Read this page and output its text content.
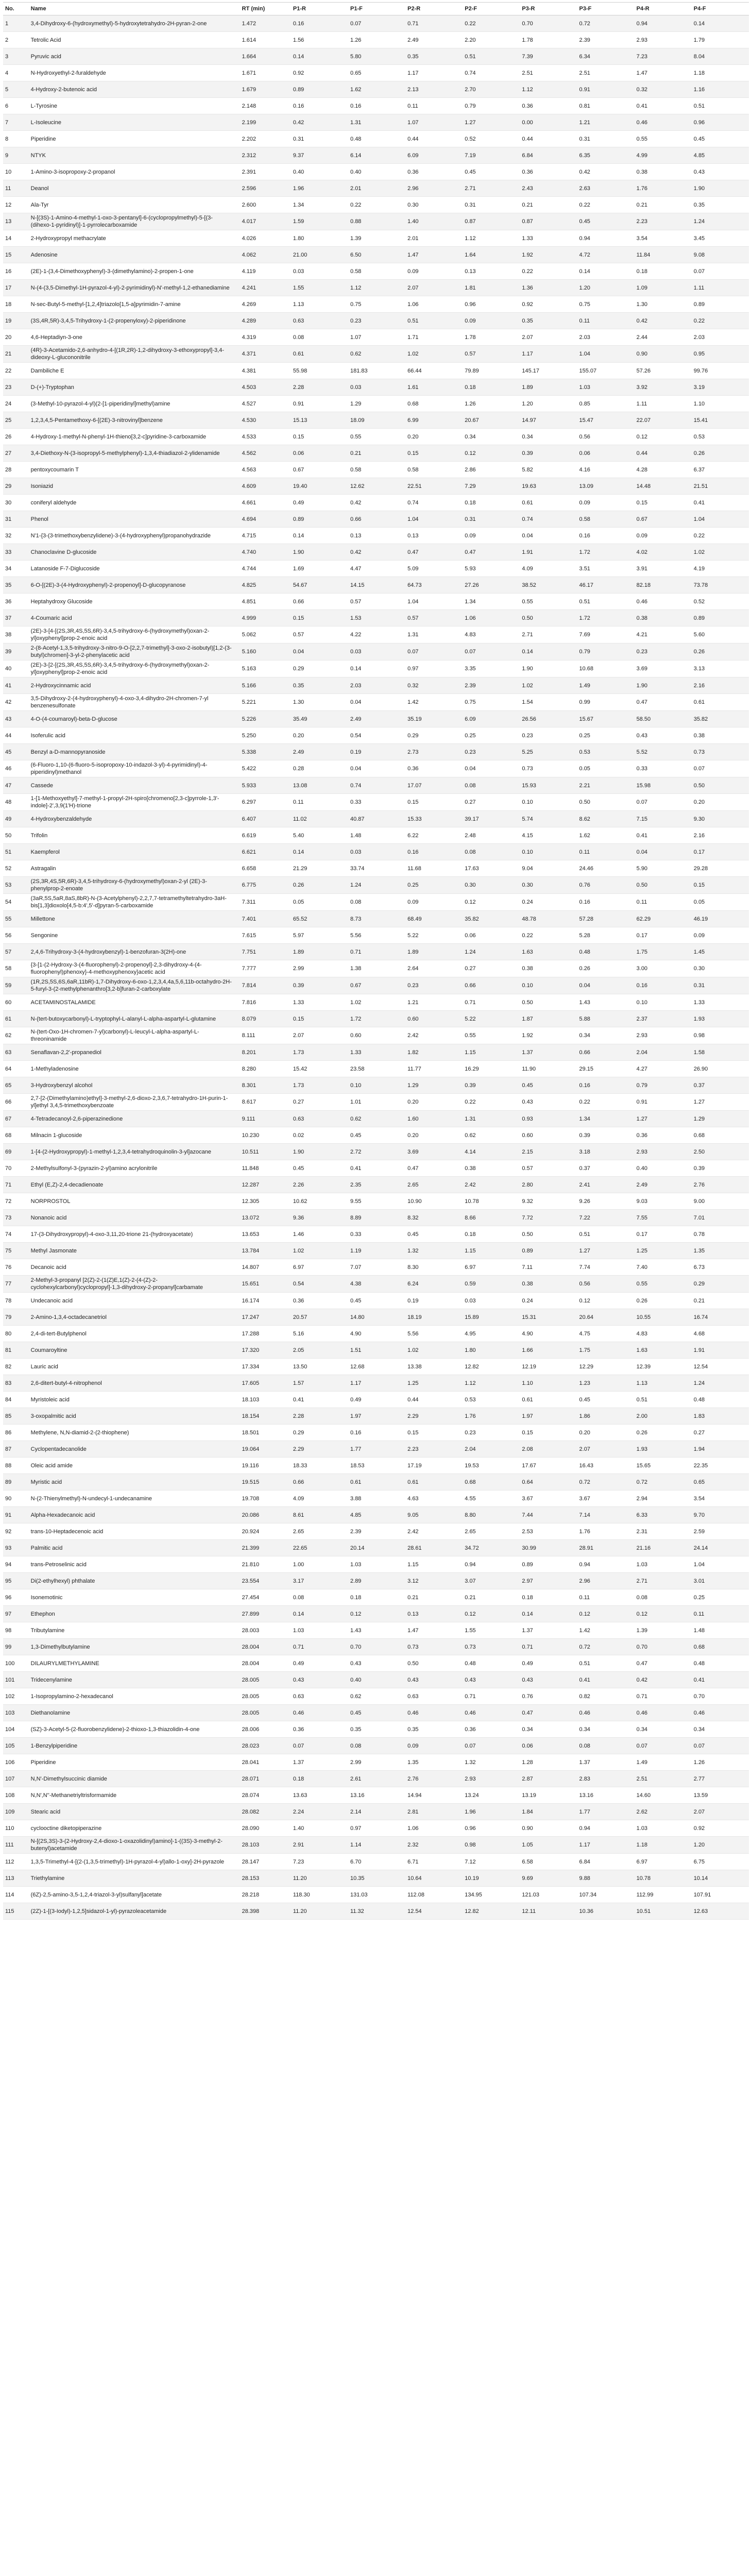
No.	Name	RT (min)	P1-R	P1-F	P2-R	P2-F	P3-R	P3-F	P4-R	P4-F
1	3,4-Dihydroxy-6-(hydroxymethyl)-5-hydroxytetrahydro-2H-pyran-2-one	1.472	0.16	0.07	0.71	0.22	0.70	0.72	0.94	0.14
2	Tetrolic Acid	1.614	1.56	1.26	2.49	2.20	1.78	2.39	2.93	1.79
3	Pyruvic acid	1.664	0.14	5.80	0.35	0.51	7.39	6.34	7.23	8.04
4	N-Hydroxyethyl-2-furaldehyde	1.671	0.92	0.65	1.17	0.74	2.51	2.51	1.47	1.18
5	4-Hydroxy-2-butenoic acid	1.679	0.89	1.62	2.13	2.70	1.12	0.91	0.32	1.16
6	L-Tyrosine	2.148	0.16	0.16	0.11	0.79	0.36	0.81	0.41	0.51
7	L-Isoleucine	2.199	0.42	1.31	1.07	1.27	0.00	1.21	0.46	0.96
8	Piperidine	2.202	0.31	0.48	0.44	0.52	0.44	0.31	0.55	0.45
9	NTYK	2.312	9.37	6.14	6.09	7.19	6.84	6.35	4.99	4.85
10	1-Amino-3-isopropoxy-2-propanol	2.391	0.40	0.40	0.36	0.45	0.36	0.42	0.38	0.43
11	Deanol	2.596	1.96	2.01	2.96	2.71	2.43	2.63	1.76	1.90
12	Ala-Tyr	2.600	1.34	0.22	0.30	0.31	0.21	0.22	0.21	0.35
13	N-[(3S)-1-Amino-4-methyl-1-oxo-3-pentanyl]-6-(cyclopropylmethyl)-5-[(3-(dihexo-1-pyridinyl)]-1-pyrrolecarboxamide	4.017	1.59	0.88	1.40	0.87	0.87	0.45	2.23	1.24
14	2-Hydroxypropyl methacrylate	4.026	1.80	1.39	2.01	1.12	1.33	0.94	3.54	3.45
15	Adenosine	4.062	21.00	6.50	1.47	1.64	1.92	4.72	11.84	9.08
16	(2E)-1-(3,4-Dimethoxyphenyl)-3-(dimethylamino)-2-propen-1-one	4.119	0.03	0.58	0.09	0.13	0.22	0.14	0.18	0.07
17	N-(4-(3,5-Dimethyl-1H-pyrazol-4-yl)-2-pyrimidinyl)-N'-methyl-1,2-ethanediamine	4.241	1.55	1.12	2.07	1.81	1.36	1.20	1.09	1.11
18	N-sec-Butyl-5-methyl-[1,2,4]triazolo[1,5-a]pyrimidin-7-amine	4.269	1.13	0.75	1.06	0.96	0.92	0.75	1.30	0.89
19	(3S,4R,5R)-3,4,5-Trihydroxy-1-(2-propenyloxy)-2-piperidinone	4.289	0.63	0.23	0.51	0.09	0.35	0.11	0.42	0.22
20	4,6-Heptadiyn-3-one	4.319	0.08	1.07	1.71	1.78	2.07	2.03	2.44	2.03
21	(4R)-3-Acetamido-2,6-anhydro-4-[(1R,2R)-1,2-dihydroxy-3-ethoxypropyl]-3,4-dideoxy-L-glucononitrile	4.371	0.61	0.62	1.02	0.57	1.17	1.04	0.90	0.95
22	Dambiliche E	4.381	55.98	181.83	66.44	79.89	145.17	155.07	57.26	99.76
23	D-(+)-Tryptophan	4.503	2.28	0.03	1.61	0.18	1.89	1.03	3.92	3.19
24	(3-Methyl-10-pyrazol-4-yl)(2-[1-piperidinyl]methyl)amine	4.527	0.91	1.29	0.68	1.26	1.20	0.85	1.11	1.10
25	1,2,3,4,5-Pentamethoxy-6-[(2E)-3-nitrovinyl]benzene	4.530	15.13	18.09	6.99	20.67	14.97	15.47	22.07	15.41
26	4-Hydroxy-1-methyl-N-phenyl-1H-thieno[3,2-c]pyridine-3-carboxamide	4.533	0.15	0.55	0.20	0.34	0.34	0.56	0.12	0.53
27	3,4-Diethoxy-N-(3-isopropyl-5-methylphenyl)-1,3,4-thiadiazol-2-ylidenamide	4.562	0.06	0.21	0.15	0.12	0.39	0.06	0.44	0.26
28	pentoxycoumarin T	4.563	0.67	0.58	0.58	2.86	5.82	4.16	4.28	6.37
29	Isoniazid	4.609	19.40	12.62	22.51	7.29	19.63	13.09	14.48	21.51
30	coniferyl aldehyde	4.661	0.49	0.42	0.74	0.18	0.61	0.09	0.15	0.41
31	Phenol	4.694	0.89	0.66	1.04	0.31	0.74	0.58	0.67	1.04
32	N'1-{3-(3-trimethoxybenzylidene)-3-(4-hydroxyphenyl)propanohydrazide	4.715	0.14	0.13	0.13	0.09	0.04	0.16	0.09	0.22
33	Chanoclavine D-glucoside	4.740	1.90	0.42	0.47	0.47	1.91	1.72	4.02	1.02
34	Latanoside F-7-Diglucoside	4.744	1.69	4.47	5.09	5.93	4.09	3.51	3.91	4.19
35	6-O-[(2E)-3-(4-Hydroxyphenyl)-2-propenoyl]-D-glucopyranose	4.825	54.67	14.15	64.73	27.26	38.52	46.17	82.18	73.78
36	Heptahydroxy Glucoside	4.851	0.66	0.57	1.04	1.34	0.55	0.51	0.46	0.52
37	4-Coumaric acid	4.999	0.15	1.53	0.57	1.06	0.50	1.72	0.38	0.89
38	(2E)-3-[4-[(2S,3R,4S,5S,6R)-3,4,5-trihydroxy-6-(hydroxymethyl)oxan-2-yl]oxyphenyl]prop-2-enoic acid	5.062	0.57	4.22	1.31	4.83	2.71	7.69	4.21	5.60
39	2-(8-Acetyl-1,3,5-trihydroxy-3-nitro-9-O-[2,2,7-trimethyl]-3-oxo-2-isobutyl)[1,2-(3-butyl)chromen]-3-yl-2-phenylacetic acid	5.160	0.04	0.03	0.07	0.07	0.14	0.79	0.23	0.26
40	(2E)-3-[2-[(2S,3R,4S,5S,6R)-3,4,5-trihydroxy-6-(hydroxymethyl)oxan-2-yl]oxyphenyl]prop-2-enoic acid	5.163	0.29	0.14	0.97	3.35	1.90	10.68	3.69	3.13
41	2-Hydroxycinnamic acid	5.166	0.35	2.03	0.32	2.39	1.02	1.49	1.90	2.16
42	3,5-Dihydroxy-2-(4-hydroxyphenyl)-4-oxo-3,4-dihydro-2H-chromen-7-yl benzenesulfonate	5.221	1.30	0.04	1.42	0.75	1.54	0.99	0.47	0.61
43	4-O-(4-coumaroyl)-beta-D-glucose	5.226	35.49	2.49	35.19	6.09	26.56	15.67	58.50	35.82
44	Isoferulic acid	5.250	0.20	0.54	0.29	0.25	0.23	0.25	0.43	0.38
45	Benzyl a-D-mannopyranoside	5.338	2.49	0.19	2.73	0.23	5.25	0.53	5.52	0.73
46	(6-Fluoro-1,10-(6-fluoro-5-isopropoxy-10-indazol-3-yl)-4-pyrimidinyl)-4-piperidinyl)methanol	5.422	0.28	0.04	0.36	0.04	0.73	0.05	0.33	0.07
47	Cassede	5.933	13.08	0.74	17.07	0.08	15.93	2.21	15.98	0.50
48	1-[1-Methoxyethyl]-7-methyl-1-propyl-2H-spiro[chromeno[2,3-c]pyrrole-1,3'-indole]-2',3,9(1'H)-trione	6.297	0.11	0.33	0.15	0.27	0.10	0.50	0.07	0.20
49	4-Hydroxybenzaldehyde	6.407	11.02	40.87	15.33	39.17	5.74	8.62	7.15	9.30
50	Trifolin	6.619	5.40	1.48	6.22	2.48	4.15	1.62	0.41	2.16
51	Kaempferol	6.621	0.14	0.03	0.16	0.08	0.10	0.11	0.04	0.17
52	Astragalin	6.658	21.29	33.74	11.68	17.63	9.04	24.46	5.90	29.28
53	(2S,3R,4S,5R,6R)-3,4,5-trihydroxy-6-(hydroxymethyl)oxan-2-yl (2E)-3-phenylprop-2-enoate	6.775	0.26	1.24	0.25	0.30	0.30	0.76	0.50	0.15
54	(3aR,5S,5aR,8aS,8bR)-N-(3-Acetylphenyl)-2,2,7,7-tetramethyltetrahydro-3aH-bis[1,3]dioxolo[4,5-b:4',5'-d]pyran-5-carboxamide	7.311	0.05	0.08	0.09	0.12	0.24	0.16	0.11	0.05
55	Millettone	7.401	65.52	8.73	68.49	35.82	48.78	57.28	62.29	46.19
56	Sengonine	7.615	5.97	5.56	5.22	0.06	0.22	5.28	0.17	0.09
57	2,4,6-Trihydroxy-3-(4-hydroxybenzyl)-1-benzofuran-3(2H)-one	7.751	1.89	0.71	1.89	1.24	1.63	0.48	1.75	1.45
58	{3-[1-(2-Hydroxy-3-(4-fluorophenyl)-2-propenoyl]-2,3-dihydroxy-4-(4-fluorophenyl)phenoxy}-4-methoxyphenoxy}acetic acid	7.777	2.99	1.38	2.64	0.27	0.38	0.26	3.00	0.30
59	(1R,2S,5S,6S,6aR,11bR)-1,7-Dihydroxy-6-oxo-1,2,3,4,4a,5,6,11b-octahydro-2H-5-furyl-3-(2-methylphenanthro[3,2-b]furan-2-carboxylate	7.814	0.39	0.67	0.23	0.66	0.10	0.04	0.16	0.31
60	ACETAMINOSTALAMIDE	7.816	1.33	1.02	1.21	0.71	0.50	1.43	0.10	1.33
61	N-(tert-butoxycarbonyl)-L-tryptophyl-L-alanyl-L-alpha-aspartyl-L-glutamine	8.079	0.15	1.72	0.60	5.22	1.87	5.88	2.37	1.93
62	N-(tert-Oxo-1H-chromen-7-yl)carbonyl)-L-leucyl-L-alpha-aspartyl-L-threoninamide	8.111	2.07	0.60	2.42	0.55	1.92	0.34	2.93	0.98
63	Senaflavan-2,2'-propanediol	8.201	1.73	1.33	1.82	1.15	1.37	0.66	2.04	1.58
64	1-Methyladenosine	8.280	15.42	23.58	11.77	16.29	11.90	29.15	4.27	26.90
65	3-Hydroxybenzyl alcohol	8.301	1.73	0.10	1.29	0.39	0.45	0.16	0.79	0.37
66	2,7-[2-(Dimethylamino)ethyl]-3-methyl-2,6-dioxo-2,3,6,7-tetrahydro-1H-purin-1-yl]ethyl 3,4,5-trimethoxybenzoate	8.617	0.27	1.01	0.20	0.22	0.43	0.22	0.91	1.27
67	4-Tetradecanoyl-2,6-piperazinedione	9.111	0.63	0.62	1.60	1.31	0.93	1.34	1.27	1.29
68	Milnacin 1-glucoside	10.230	0.02	0.45	0.20	0.62	0.60	0.39	0.36	0.68
69	1-[4-(2-Hydroxypropyl)-1-methyl-1,2,3,4-tetrahydroquinolin-3-yl]azocane	10.511	1.90	2.72	3.69	4.14	2.15	3.18	2.93	2.50
70	2-Methylsulfonyl-3-(pyrazin-2-yl)amino acrylonitrile	11.848	0.45	0.41	0.47	0.38	0.57	0.37	0.40	0.39
71	Ethyl (E,Z)-2,4-decadienoate	12.287	2.26	2.35	2.65	2.42	2.80	2.41	2.49	2.76
72	NORPROSTOL	12.305	10.62	9.55	10.90	10.78	9.32	9.26	9.03	9.00
73	Nonanoic acid	13.072	9.36	8.89	8.32	8.66	7.72	7.22	7.55	7.01
74	17-(3-Dihydroxypropyl)-4-oxo-3,11,20-trione 21-(hydroxyacetate)	13.653	1.46	0.33	0.45	0.18	0.50	0.51	0.17	0.78
75	Methyl Jasmonate	13.784	1.02	1.19	1.32	1.15	0.89	1.27	1.25	1.35
76	Decanoic acid	14.807	6.97	7.07	8.30	6.97	7.11	7.74	7.40	6.73
77	2-Methyl-3-propanyl [2(Z)-2-(1(Z)E,1(Z)-2-(4-(Z)-2-cyclohexylcarbonyl)cyclopropyl]-1,3-dihydroxy-2-propanyl]carbamate	15.651	0.54	4.38	6.24	0.59	0.38	0.56	0.55	0.29
78	Undecanoic acid	16.174	0.36	0.45	0.19	0.03	0.24	0.12	0.26	0.21
79	2-Amino-1,3,4-octadecanetriol	17.247	20.57	14.80	18.19	15.89	15.31	20.64	10.55	16.74
80	2,4-di-tert-Butylphenol	17.288	5.16	4.90	5.56	4.95	4.90	4.75	4.83	4.68
81	Coumaroyltine	17.320	2.05	1.51	1.02	1.80	1.66	1.75	1.63	1.91
82	Lauric acid	17.334	13.50	12.68	13.38	12.82	12.19	12.29	12.39	12.54
83	2,6-ditert-butyl-4-nitrophenol	17.605	1.57	1.17	1.25	1.12	1.10	1.23	1.13	1.24
84	Myristoleic acid	18.103	0.41	0.49	0.44	0.53	0.61	0.45	0.51	0.48
85	3-oxopalmitic acid	18.154	2.28	1.97	2.29	1.76	1.97	1.86	2.00	1.83
86	Methylene, N,N-diamid-2-(2-thiophene)	18.501	0.29	0.16	0.15	0.23	0.15	0.20	0.26	0.27
87	Cyclopentadecanolide	19.064	2.29	1.77	2.23	2.04	2.08	2.07	1.93	1.94
88	Oleic acid amide	19.116	18.33	18.53	17.19	19.53	17.67	16.43	15.65	22.35
89	Myristic acid	19.515	0.66	0.61	0.61	0.68	0.64	0.72	0.72	0.65
90	N-(2-Thienylmethyl)-N-undecyl-1-undecanamine	19.708	4.09	3.88	4.63	4.55	3.67	3.67	2.94	3.54
91	Alpha-Hexadecanoic acid	20.086	8.61	4.85	9.05	8.80	7.44	7.14	6.33	9.70
92	trans-10-Heptadecenoic acid	20.924	2.65	2.39	2.42	2.65	2.53	1.76	2.31	2.59
93	Palmitic acid	21.399	22.65	20.14	28.61	34.72	30.99	28.91	21.16	24.14
94	trans-Petroselinic acid	21.810	1.00	1.03	1.15	0.94	0.89	0.94	1.03	1.04
95	Di(2-ethylhexyl) phthalate	23.554	3.17	2.89	3.12	3.07	2.97	2.96	2.71	3.01
96	Isonemotinic	27.454	0.08	0.18	0.21	0.21	0.18	0.11	0.08	0.25
97	Ethephon	27.899	0.14	0.12	0.13	0.12	0.14	0.12	0.12	0.11
98	Tributylamine	28.003	1.03	1.43	1.47	1.55	1.37	1.42	1.39	1.48
99	1,3-Dimethylbutylamine	28.004	0.71	0.70	0.73	0.73	0.71	0.72	0.70	0.68
100	DILAURYLMETHYLAMINE	28.004	0.49	0.43	0.50	0.48	0.49	0.51	0.47	0.48
101	Tridecenylamine	28.005	0.43	0.40	0.43	0.43	0.43	0.41	0.42	0.41
102	1-Isopropylamino-2-hexadecanol	28.005	0.63	0.62	0.63	0.71	0.76	0.82	0.71	0.70
103	Diethanolamine	28.005	0.46	0.45	0.46	0.46	0.47	0.46	0.46	0.46
104	(SZ)-3-Acetyl-5-(2-fluorobenzylidene)-2-thioxo-1,3-thiazolidin-4-one	28.006	0.36	0.35	0.35	0.36	0.34	0.34	0.34	0.34
105	1-Benzylpiperidine	28.023	0.07	0.08	0.09	0.07	0.06	0.08	0.07	0.07
106	Piperidine	28.041	1.37	2.99	1.35	1.32	1.28	1.37	1.49	1.26
107	N,N'-Dimethylsuccinic diamide	28.071	0.18	2.61	2.76	2.93	2.87	2.83	2.51	2.77
108	N,N',N''-Methanetriyltrisformamide	28.074	13.63	13.16	14.94	13.24	13.19	13.16	14.60	13.59
109	Stearic acid	28.082	2.24	2.14	2.81	1.96	1.84	1.77	2.62	2.07
110	cyclooctine diketopiperazine	28.090	1.40	0.97	1.06	0.96	0.90	0.94	1.03	0.92
111	N-[(2S,3S)-3-(2-Hydroxy-2,4-dioxo-1-oxazolidinyl)amino]-1-((3S)-3-methyl-2-butenyl)acetamide	28.103	2.91	1.14	2.32	0.98	1.05	1.17	1.18	1.20
112	1,3,5-Trimethyl-4-[(2-(1,3,5-trimethyl)-1H-pyrazol-4-yl)allo-1-oxy]-2H-pyrazole	28.147	7.23	6.70	6.71	7.12	6.58	6.84	6.97	6.75
113	Triethylamine	28.153	11.20	10.35	10.64	10.19	9.69	9.88	10.78	10.14
114	(6Z)-2,5-amino-3,5-1,2,4-triazol-3-yl)sulfanyl]acetate	28.218	118.30	131.03	112.08	134.95	121.03	107.34	112.99	107.91
115	(2Z)-1-[(3-Iodyl)-1,2,5]sidazol-1-yl)-pyrazoleacetamide	28.398	11.20	11.32	12.54	12.82	12.11	10.36	10.51	12.63
